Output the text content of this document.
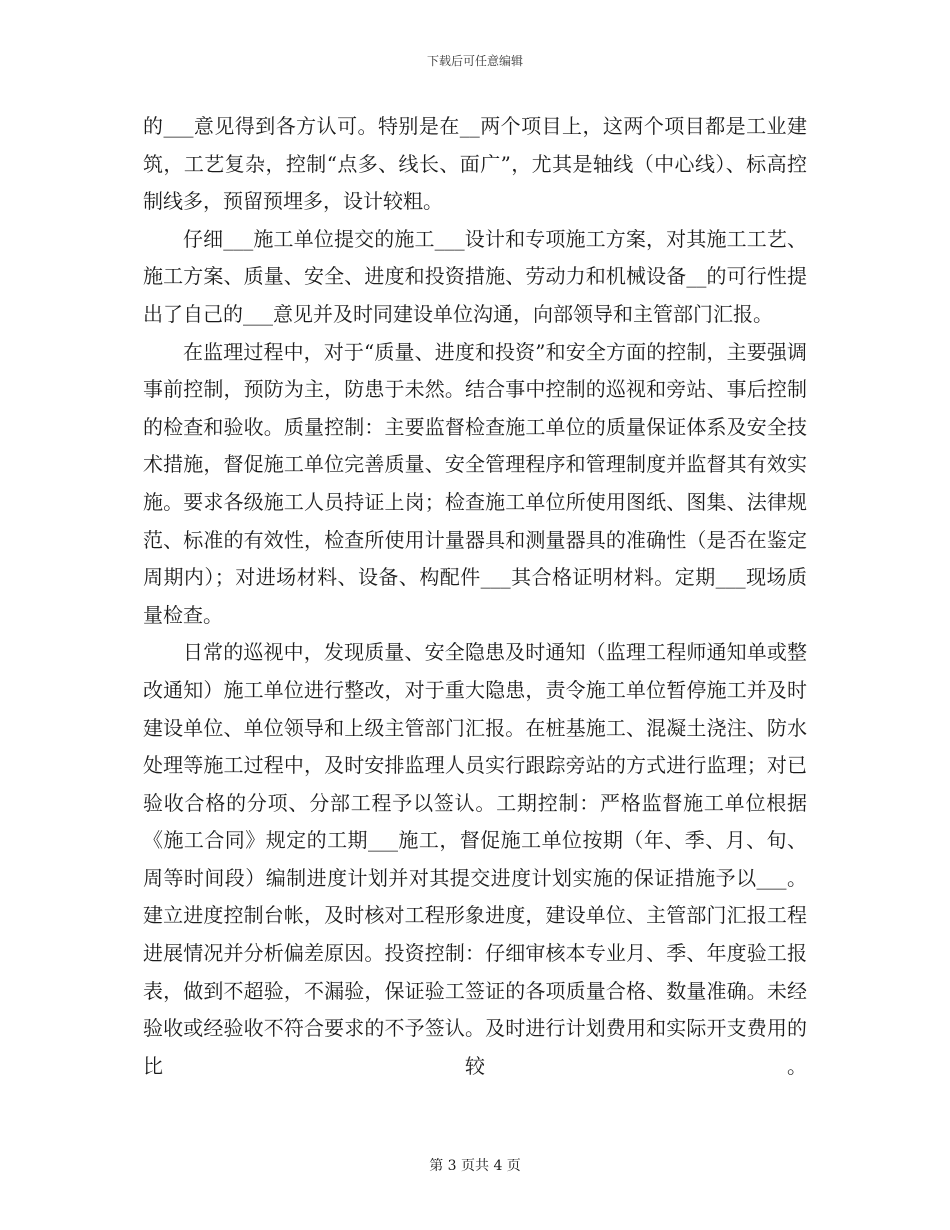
下载后可任意编辑

的___意见得到各方认可。特别是在__两个项目上，这两个项目都是工业建筑，工艺复杂，控制“点多、线长、面广”，尤其是轴线（中心线）、标高控制线多，预留预埋多，设计较粗。

仔细___施工单位提交的施工___设计和专项施工方案，对其施工工艺、施工方案、质量、安全、进度和投资措施、劳动力和机械设备__的可行性提出了自己的___意见并及时同建设单位沟通，向部领导和主管部门汇报。

在监理过程中，对于“质量、进度和投资”和安全方面的控制，主要强调事前控制，预防为主，防患于未然。结合事中控制的巡视和旁站、事后控制的检查和验收。质量控制：主要监督检查施工单位的质量保证体系及安全技术措施，督促施工单位完善质量、安全管理程序和管理制度并监督其有效实施。要求各级施工人员持证上岗；检查施工单位所使用图纸、图集、法律规范、标准的有效性，检查所使用计量器具和测量器具的准确性（是否在鉴定周期内）；对进场材料、设备、构配件___其合格证明材料。定期___现场质量检查。

日常的巡视中，发现质量、安全隐患及时通知（监理工程师通知单或整改通知）施工单位进行整改，对于重大隐患，责令施工单位暂停施工并及时建设单位、单位领导和上级主管部门汇报。在桩基施工、混凝土浇注、防水处理等施工过程中，及时安排监理人员实行跟踪旁站的方式进行监理；对已验收合格的分项、分部工程予以签认。工期控制：严格监督施工单位根据《施工合同》规定的工期___施工，督促施工单位按期（年、季、月、旬、周等时间段）编制进度计划并对其提交进度计划实施的保证措施予以___。建立进度控制台帐，及时核对工程形象进度，建设单位、主管部门汇报工程进展情况并分析偏差原因。投资控制：仔细审核本专业月、季、年度验工报表，做到不超验，不漏验，保证验工签证的各项质量合格、数量准确。未经验收或经验收不符合要求的不予签认。及时进行计划费用和实际开支费用的比较。

第 3 页共 4 页
